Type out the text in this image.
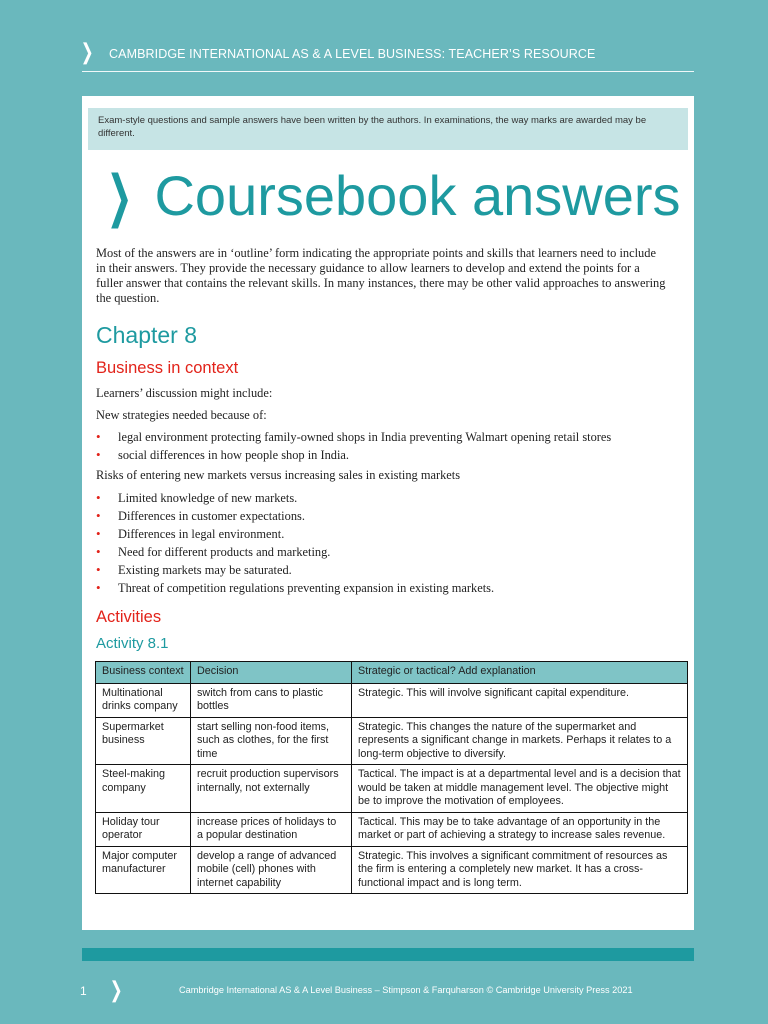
❯ CAMBRIDGE INTERNATIONAL AS & A LEVEL BUSINESS: TEACHER’S RESOURCE
Exam-style questions and sample answers have been written by the authors. In examinations, the way marks are awarded may be different.
❯ Coursebook answers
Most of the answers are in ‘outline’ form indicating the appropriate points and skills that learners need to include in their answers. They provide the necessary guidance to allow learners to develop and extend the points for a fuller answer that contains the relevant skills. In many instances, there may be other valid approaches to answering the question.
Chapter 8
Business in context
Learners’ discussion might include:
New strategies needed because of:
• legal environment protecting family-owned shops in India preventing Walmart opening retail stores
• social differences in how people shop in India.
Risks of entering new markets versus increasing sales in existing markets
• Limited knowledge of new markets.
• Differences in customer expectations.
• Differences in legal environment.
• Need for different products and marketing.
• Existing markets may be saturated.
• Threat of competition regulations preventing expansion in existing markets.
Activities
Activity 8.1
Business context	Decision	Strategic or tactical? Add explanation
Multinational drinks company	switch from cans to plastic bottles	Strategic. This will involve significant capital expenditure.
Supermarket business	start selling non-food items, such as clothes, for the first time	Strategic. This changes the nature of the supermarket and represents a significant change in markets. Perhaps it relates to a long-term objective to diversify.
Steel-making company	recruit production supervisors internally, not externally	Tactical. The impact is at a departmental level and is a decision that would be taken at middle management level. The objective might be to improve the motivation of employees.
Holiday tour operator	increase prices of holidays to a popular destination	Tactical. This may be to take advantage of an opportunity in the market or part of achieving a strategy to increase sales revenue.
Major computer manufacturer	develop a range of advanced mobile (cell) phones with internet capability	Strategic. This involves a significant commitment of resources as the firm is entering a completely new market. It has a cross-functional impact and is long term.
1 ❯	Cambridge International AS & A Level Business – Stimpson & Farquharson © Cambridge University Press 2021
